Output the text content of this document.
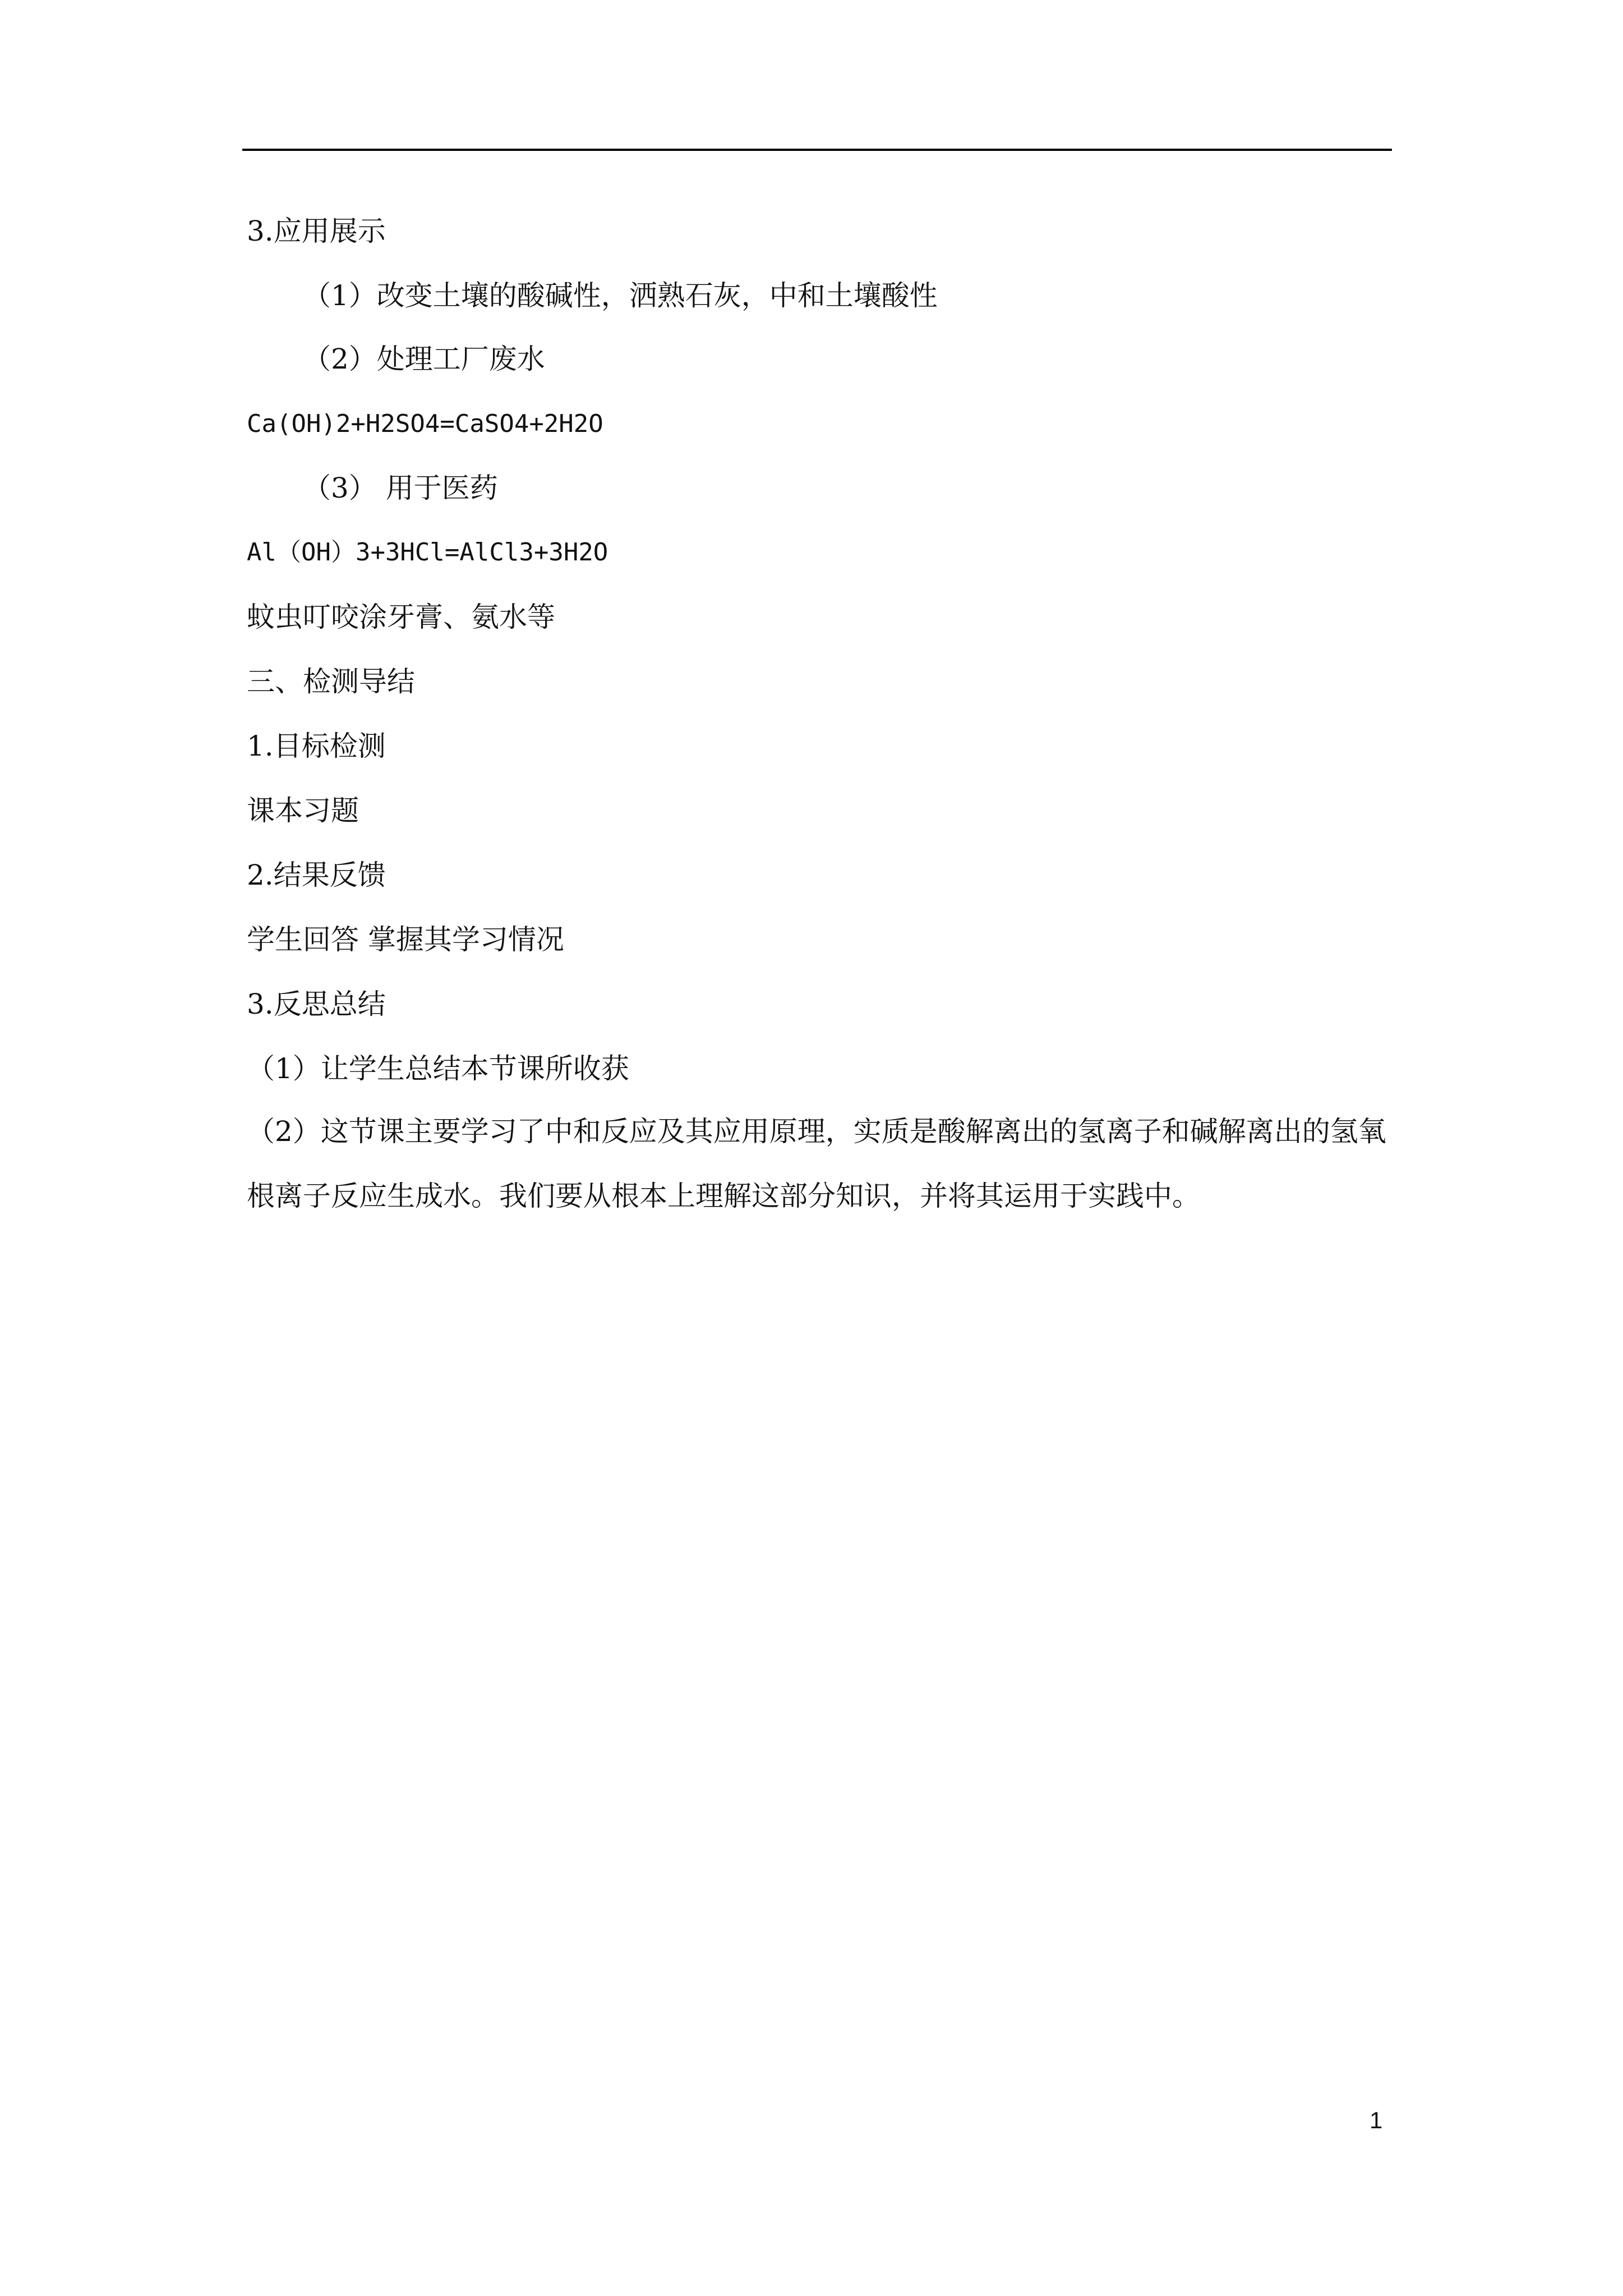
3.应用展示
（1）改变土壤的酸碱性，洒熟石灰，中和土壤酸性
（2）处理工厂废水
Ca(OH)2+H2SO4=CaSO4+2H2O
（3） 用于医药
Al（OH）3+3HCl=AlCl3+3H2O
蚊虫叮咬涂牙膏、氨水等
三、检测导结
1.目标检测
课本习题
2.结果反馈
学生回答 掌握其学习情况
3.反思总结
（1）让学生总结本节课所收获
（2）这节课主要学习了中和反应及其应用原理，实质是酸解离出的氢离子和碱解离出的氢氧根离子反应生成水。我们要从根本上理解这部分知识，并将其运用于实践中。
1
